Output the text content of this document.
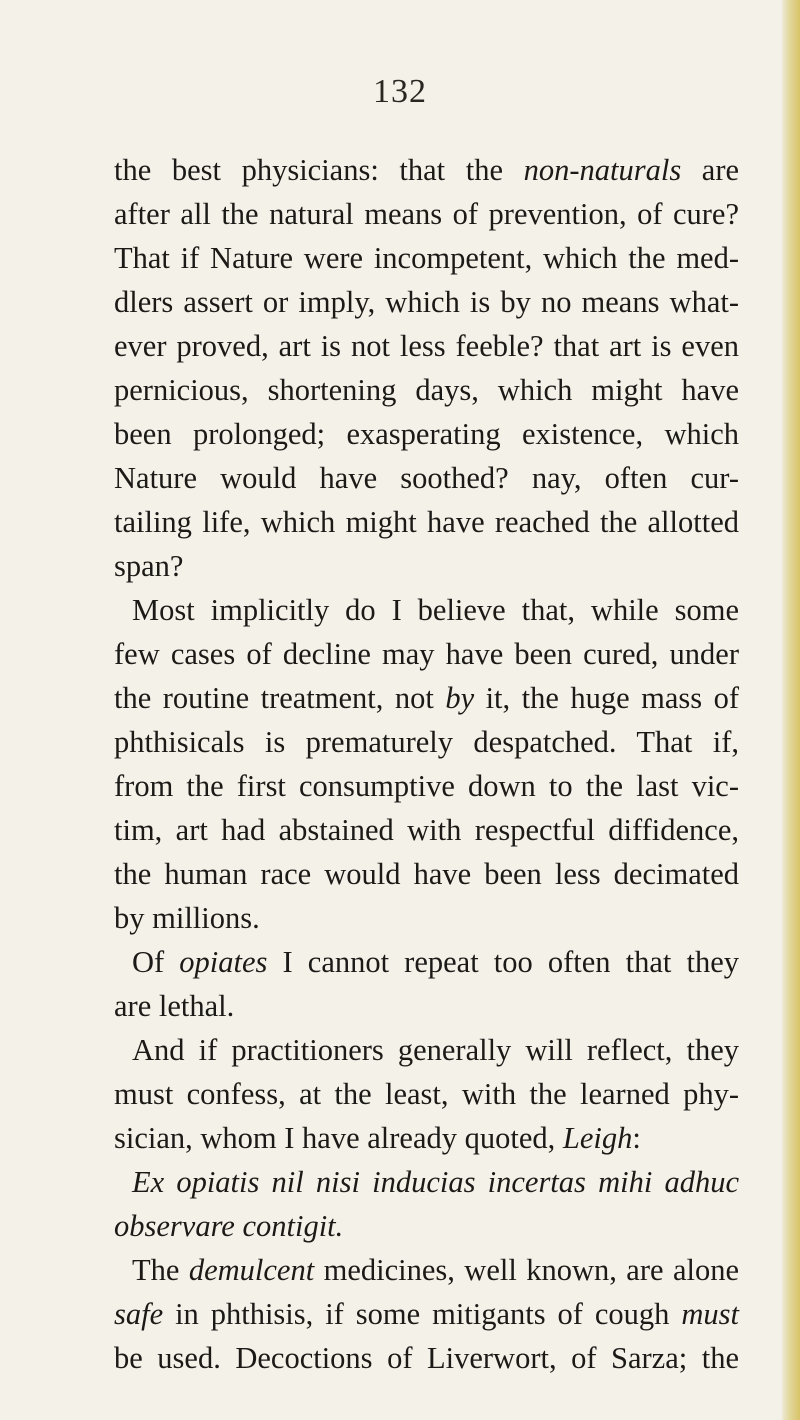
132
the best physicians: that the non-naturals are
after all the natural means of prevention, of cure?
That if Nature were incompetent, which the med-
dlers assert or imply, which is by no means what-
ever proved, art is not less feeble? that art is even
pernicious, shortening days, which might have
been prolonged; exasperating existence, which
Nature would have soothed? nay, often cur-
tailing life, which might have reached the allotted
span?
Most implicitly do I believe that, while some
few cases of decline may have been cured, under
the routine treatment, not by it, the huge mass of
phthisicals is prematurely despatched. That if,
from the first consumptive down to the last vic-
tim, art had abstained with respectful diffidence,
the human race would have been less decimated
by millions.
Of opiates I cannot repeat too often that they
are lethal.
And if practitioners generally will reflect, they
must confess, at the least, with the learned phy-
sician, whom I have already quoted, Leigh:
Ex opiatis nil nisi inducias incertas mihi adhuc
observare contigit.
The demulcent medicines, well known, are alone
safe in phthisis, if some mitigants of cough must
be used. Decoctions of Liverwort, of Sarza; the
